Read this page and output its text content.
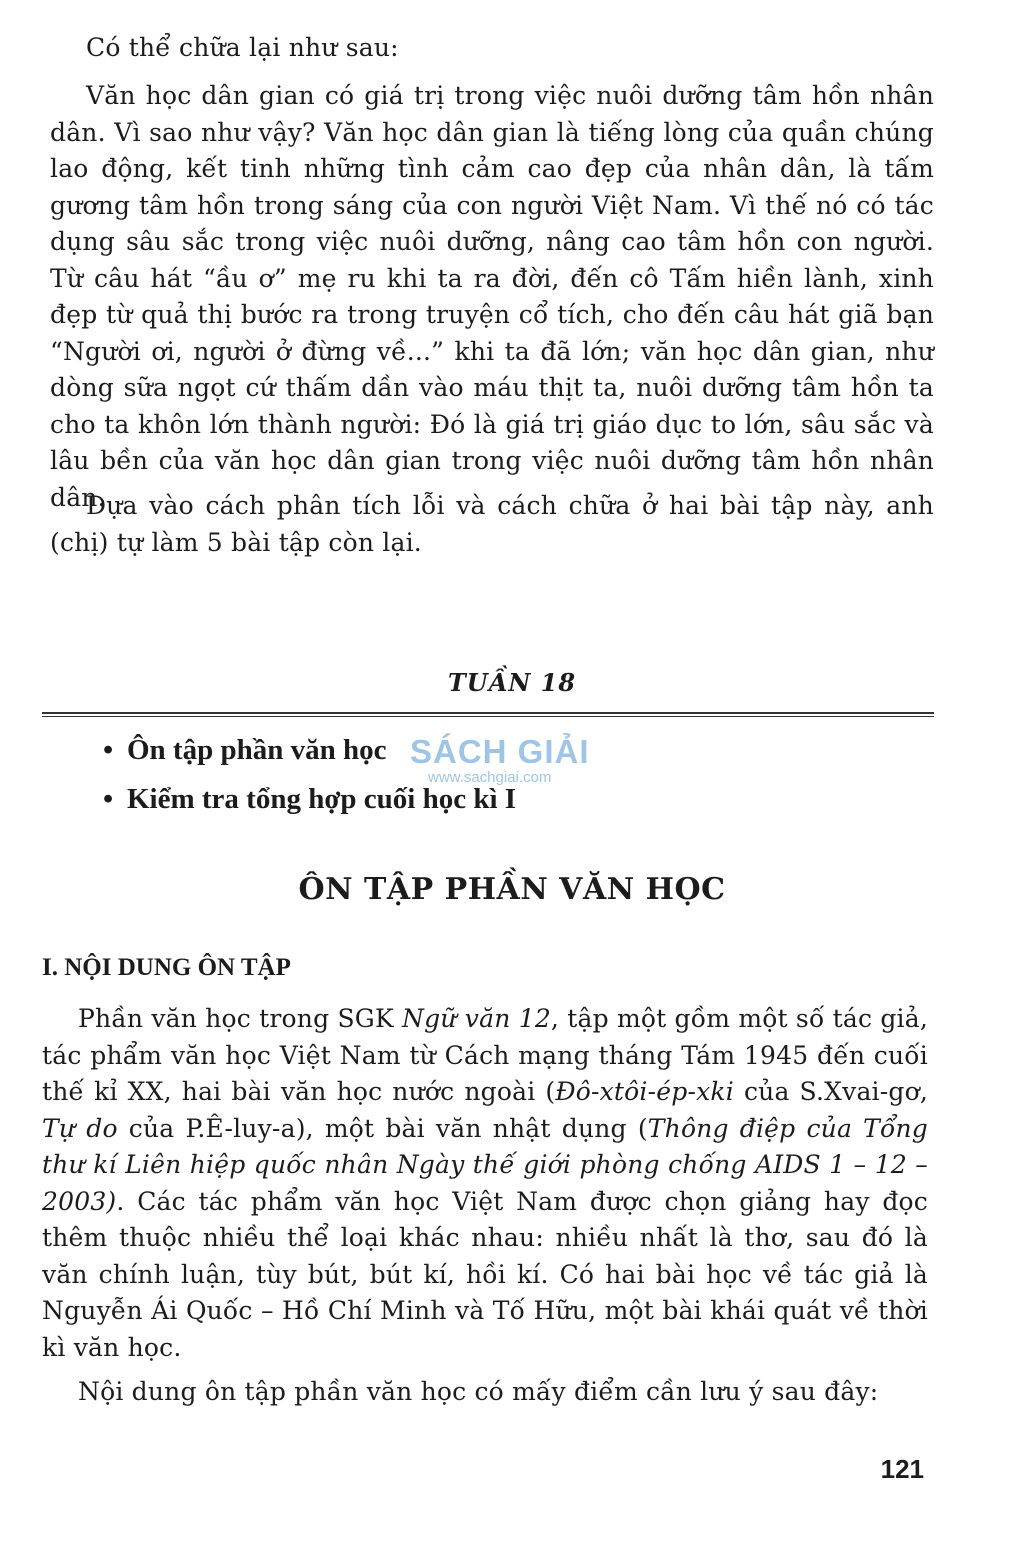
Có thể chữa lại như sau:

Văn học dân gian có giá trị trong việc nuôi dưỡng tâm hồn nhân dân. Vì sao như vậy? Văn học dân gian là tiếng lòng của quần chúng lao động, kết tinh những tình cảm cao đẹp của nhân dân, là tấm gương tâm hồn trong sáng của con người Việt Nam. Vì thế nó có tác dụng sâu sắc trong việc nuôi dưỡng, nâng cao tâm hồn con người. Từ câu hát “ầu ơ” mẹ ru khi ta ra đời, đến cô Tấm hiền lành, xinh đẹp từ quả thị bước ra trong truyện cổ tích, cho đến câu hát giã bạn “Người ơi, người ở đừng về...” khi ta đã lớn; văn học dân gian, như dòng sữa ngọt cứ thấm dần vào máu thịt ta, nuôi dưỡng tâm hồn ta cho ta khôn lớn thành người: Đó là giá trị giáo dục to lớn, sâu sắc và lâu bền của văn học dân gian trong việc nuôi dưỡng tâm hồn nhân dân.

Dựa vào cách phân tích lỗi và cách chữa ở hai bài tập này, anh (chị) tự làm 5 bài tập còn lại.

TUẦN 18
• Ôn tập phần văn học
• Kiểm tra tổng hợp cuối học kì I
SÁCH GIẢI
www.sachgiai.com
ÔN TẬP PHẦN VĂN HỌC
I. NỘI DUNG ÔN TẬP

Phần văn học trong SGK Ngữ văn 12, tập một gồm một số tác giả, tác phẩm văn học Việt Nam từ Cách mạng tháng Tám 1945 đến cuối thế kỉ XX, hai bài văn học nước ngoài (Đô-xtôi-ép-xki của S.Xvai-gơ, Tự do của P.Ê-luy-a), một bài văn nhật dụng (Thông điệp của Tổng thư kí Liên hiệp quốc nhân Ngày thế giới phòng chống AIDS 1 – 12 – 2003). Các tác phẩm văn học Việt Nam được chọn giảng hay đọc thêm thuộc nhiều thể loại khác nhau: nhiều nhất là thơ, sau đó là văn chính luận, tùy bút, bút kí, hồi kí. Có hai bài học về tác giả là Nguyễn Ái Quốc – Hồ Chí Minh và Tố Hữu, một bài khái quát về thời kì văn học.

Nội dung ôn tập phần văn học có mấy điểm cần lưu ý sau đây:

121
